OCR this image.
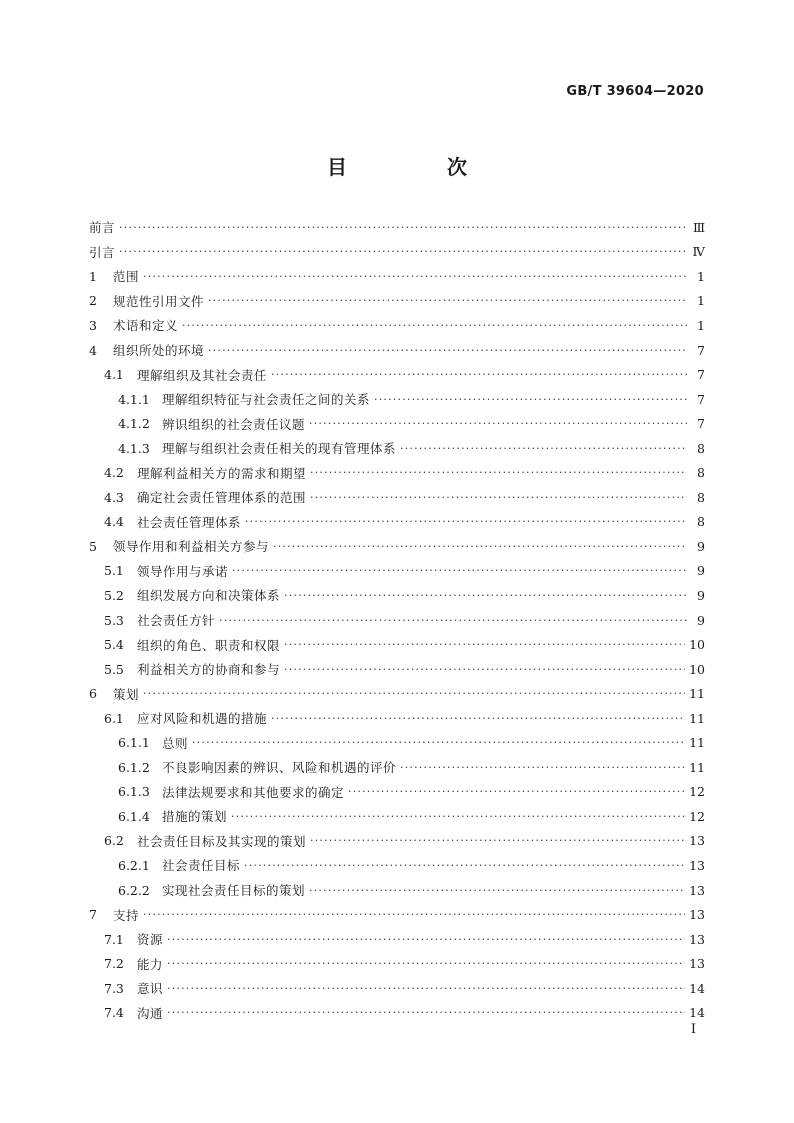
GB/T 39604—2020
目　次
前言 ·····	Ⅲ
引言 ·····	Ⅳ
1	范围 ·····	1
2	规范性引用文件 ·····	1
3	术语和定义 ·····	1
4	组织所处的环境 ·····	7
4.1	理解组织及其社会责任 ·····	7
4.1.1 理解组织特征与社会责任之间的关系 ·····	7
4.1.2 辨识组织的社会责任议题 ·····	7
4.1.3 理解与组织社会责任相关的现有管理体系 ·····	8
4.2	理解利益相关方的需求和期望 ·····	8
4.3	确定社会责任管理体系的范围 ·····	8
4.4	社会责任管理体系 ·····	8
5	领导作用和利益相关方参与 ·····	9
5.1	领导作用与承诺 ·····	9
5.2	组织发展方向和决策体系 ·····	9
5.3	社会责任方针 ·····	9
5.4	组织的角色、职责和权限 ·····	10
5.5	利益相关方的协商和参与 ·····	10
6	策划 ·····	11
6.1	应对风险和机遇的措施 ·····	11
6.1.1 总则 ·····	11
6.1.2 不良影响因素的辨识、风险和机遇的评价 ·····	11
6.1.3 法律法规要求和其他要求的确定 ·····	12
6.1.4 措施的策划 ·····	12
6.2	社会责任目标及其实现的策划 ·····	13
6.2.1 社会责任目标 ·····	13
6.2.2 实现社会责任目标的策划 ·····	13
7	支持 ·····	13
7.1	资源 ·····	13
7.2	能力 ·····	13
7.3	意识 ·····	14
7.4	沟通 ·····	14
I
